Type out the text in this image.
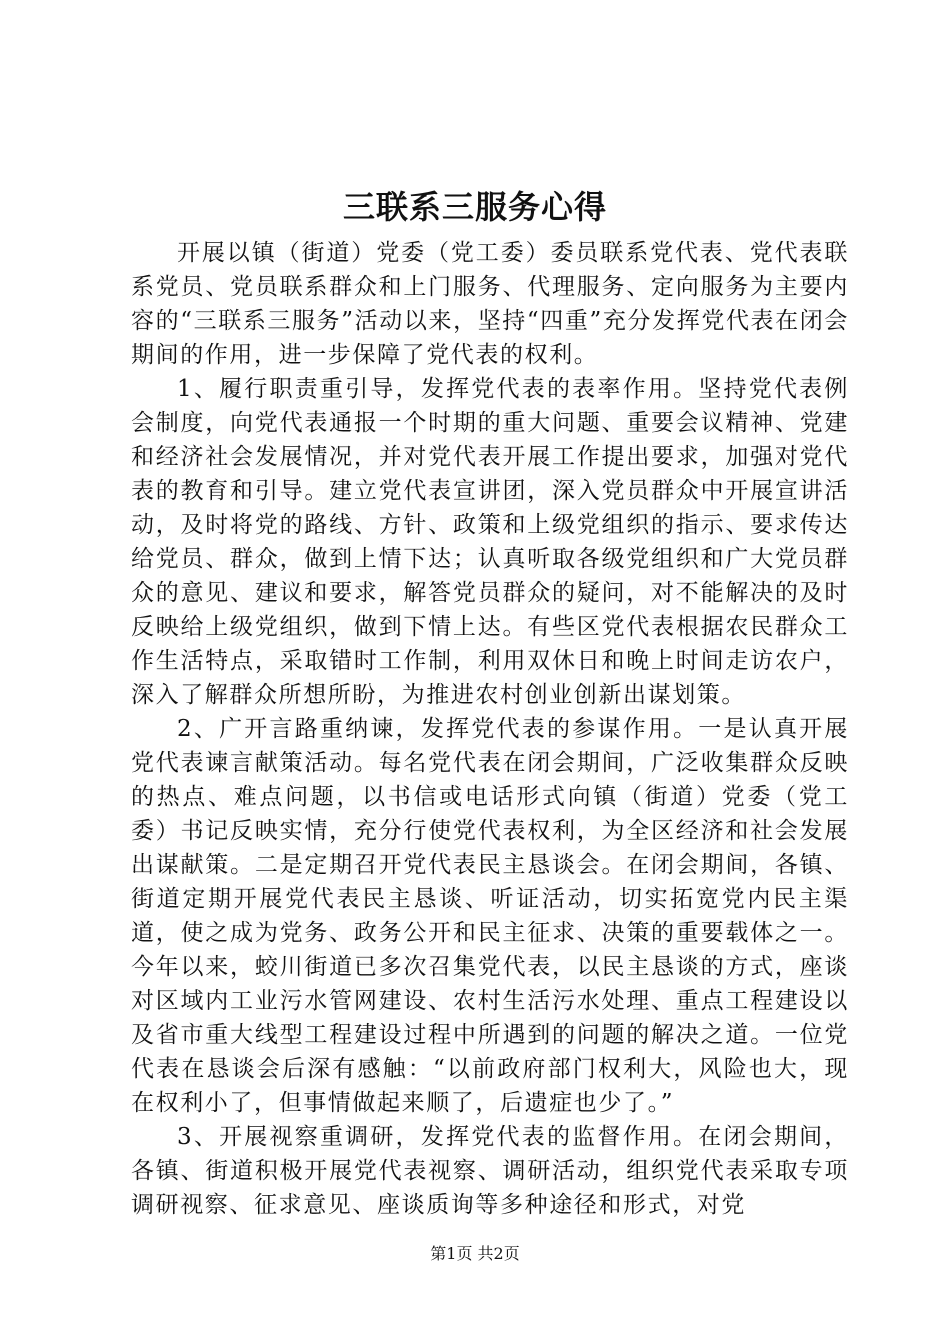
三联系三服务心得

开展以镇（街道）党委（党工委）委员联系党代表、党代表联系党员、党员联系群众和上门服务、代理服务、定向服务为主要内容的“三联系三服务”活动以来，坚持“四重”充分发挥党代表在闭会期间的作用，进一步保障了党代表的权利。

1、履行职责重引导，发挥党代表的表率作用。坚持党代表例会制度，向党代表通报一个时期的重大问题、重要会议精神、党建和经济社会发展情况，并对党代表开展工作提出要求，加强对党代表的教育和引导。建立党代表宣讲团，深入党员群众中开展宣讲活动，及时将党的路线、方针、政策和上级党组织的指示、要求传达给党员、群众，做到上情下达；认真听取各级党组织和广大党员群众的意见、建议和要求，解答党员群众的疑问，对不能解决的及时反映给上级党组织，做到下情上达。有些区党代表根据农民群众工作生活特点，采取错时工作制，利用双休日和晚上时间走访农户，深入了解群众所想所盼，为推进农村创业创新出谋划策。

2、广开言路重纳谏，发挥党代表的参谋作用。一是认真开展党代表谏言献策活动。每名党代表在闭会期间，广泛收集群众反映的热点、难点问题，以书信或电话形式向镇（街道）党委（党工委）书记反映实情，充分行使党代表权利，为全区经济和社会发展出谋献策。二是定期召开党代表民主恳谈会。在闭会期间，各镇、街道定期开展党代表民主恳谈、听证活动，切实拓宽党内民主渠道，使之成为党务、政务公开和民主征求、决策的重要载体之一。今年以来，蛟川街道已多次召集党代表，以民主恳谈的方式，座谈对区域内工业污水管网建设、农村生活污水处理、重点工程建设以及省市重大线型工程建设过程中所遇到的问题的解决之道。一位党代表在恳谈会后深有感触：“以前政府部门权利大，风险也大，现在权利小了，但事情做起来顺了，后遗症也少了。”

3、开展视察重调研，发挥党代表的监督作用。在闭会期间，各镇、街道积极开展党代表视察、调研活动，组织党代表采取专项调研视察、征求意见、座谈质询等多种途径和形式，对党

第1页 共2页
